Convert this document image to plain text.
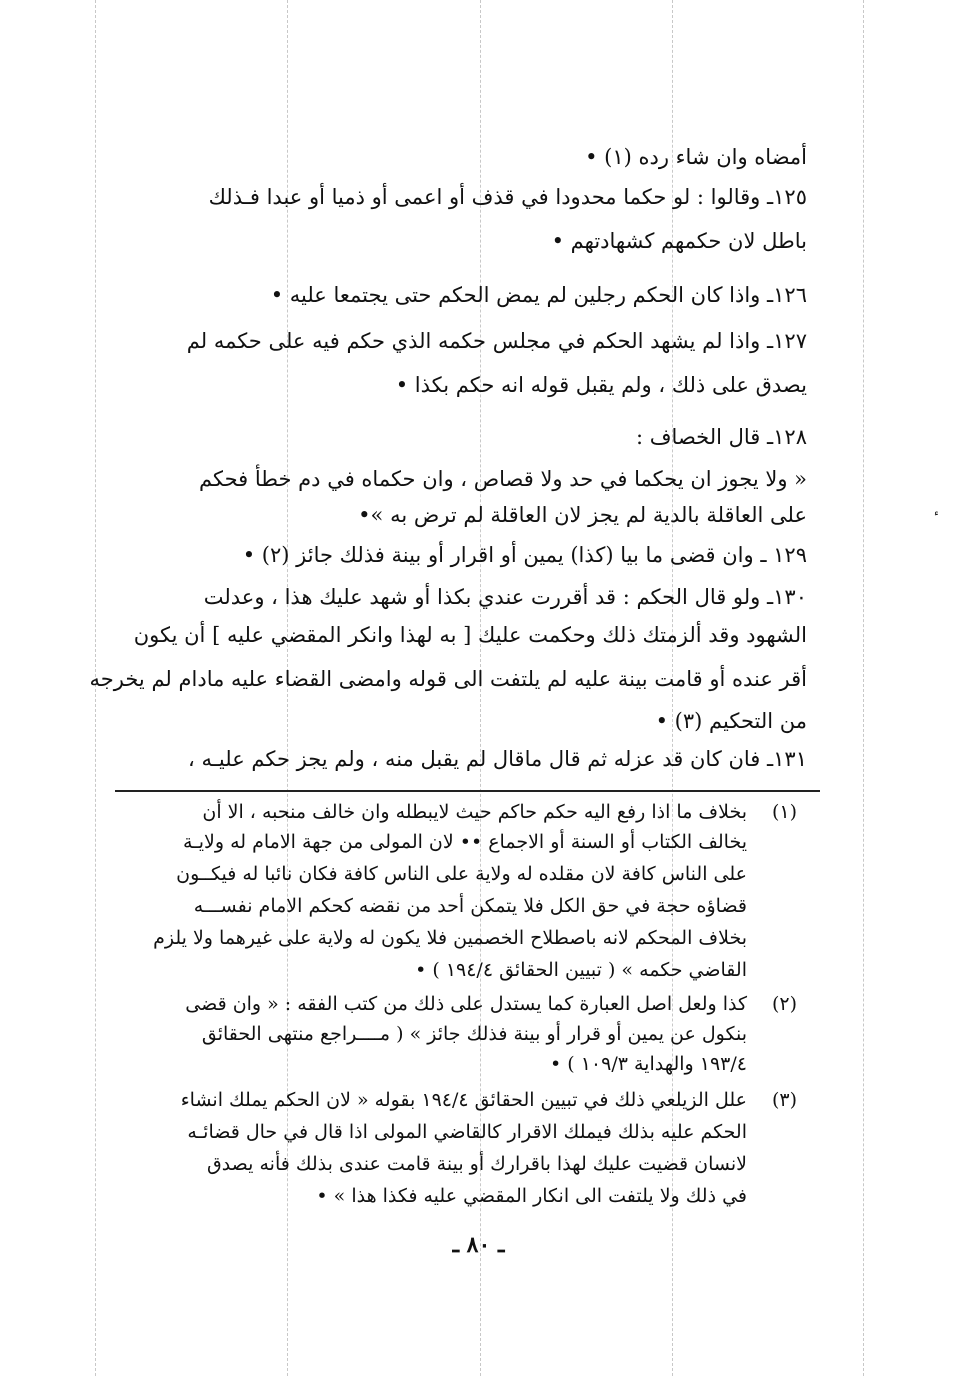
أمضاه وان شاء رده (١) •
١٢٥ـ وقالوا : لو حكما محدودا في قذف أو اعمى أو ذميا أو عبدا فـذلك
باطل لان حكمهم كشهادتهم •
١٢٦ـ واذا كان الحكم رجلين لم يمض الحكم حتى يجتمعا عليه •
١٢٧ـ واذا لم يشهد الحكم في مجلس حكمه الذي حكم فيه على حكمه لم
يصدق على ذلك ، ولم يقبل قوله انه حكم بكذا •
١٢٨ـ قال الخصاف :
« ولا يجوز ان يحكما في حد ولا قصاص ، وان حكماه في دم خطأ فحكم
على العاقلة بالدية لم يجز لان العاقلة لم ترض به »•
١٢٩ ـ وان قضى ما بيا (كذا) يمين أو اقرار أو بينة فذلك جائز (٢) •
١٣٠ـ ولو قال الحكم : قد أقررت عندي بكذا أو شهد عليك هذا ، وعدلت
الشهود وقد ألزمتك ذلك وحكمت عليك [ به لهذا وانكر المقضي عليه ] أن يكون
أقر عنده أو قامت بينة عليه لم يلتفت الى قوله وامضى القضاء عليه مادام لم يخرجه
من التحكيم (٣) •
١٣١ـ فان كان قد عزله ثم قال ماقال لم يقبل منه ، ولم يجز حكم عليـه ،
(١)
بخلاف ما اذا رفع اليه حكم حاكم حيث لايبطله وان خالف منحبه ، الا أن
يخالف الكتاب أو السنة أو الاجماع •• لان المولى من جهة الامام له ولايـة
على الناس كافة لان مقلده له ولاية على الناس كافة فكان نائبا له فيكــون
قضاؤه حجة في حق الكل فلا يتمكن أحد من نقضه كحكم الامام نفســـه
بخلاف المحكم لانه باصطلاح الخصمين فلا يكون له ولاية على غيرهما ولا يلزم
القاضي حكمه » ( تبيين الحقائق ١٩٤/٤ ) •
(٢)
كذا ولعل اصل العبارة كما يستدل على ذلك من كتب الفقه : « وان قضى
بنكول عن يمين أو قرار أو بينة فذلك جائز » ( مــــراجع منتهى الحقائق
١٩٣/٤ والهداية ١٠٩/٣ ) •
(٣)
علل الزيلعي ذلك في تبيين الحقائق ١٩٤/٤ بقوله « لان الحكم يملك انشاء
الحكم عليه بذلك فيملك الاقرار كالقاضي المولى اذا قال في حال قضائـه
لانسان قضيت عليك لهذا باقرارك أو بينة قامت عندى بذلك فأنه يصدق
في ذلك ولا يلتفت الى انكار المقضي عليه فكذا هذا » •
ـ ٨٠ ـ
